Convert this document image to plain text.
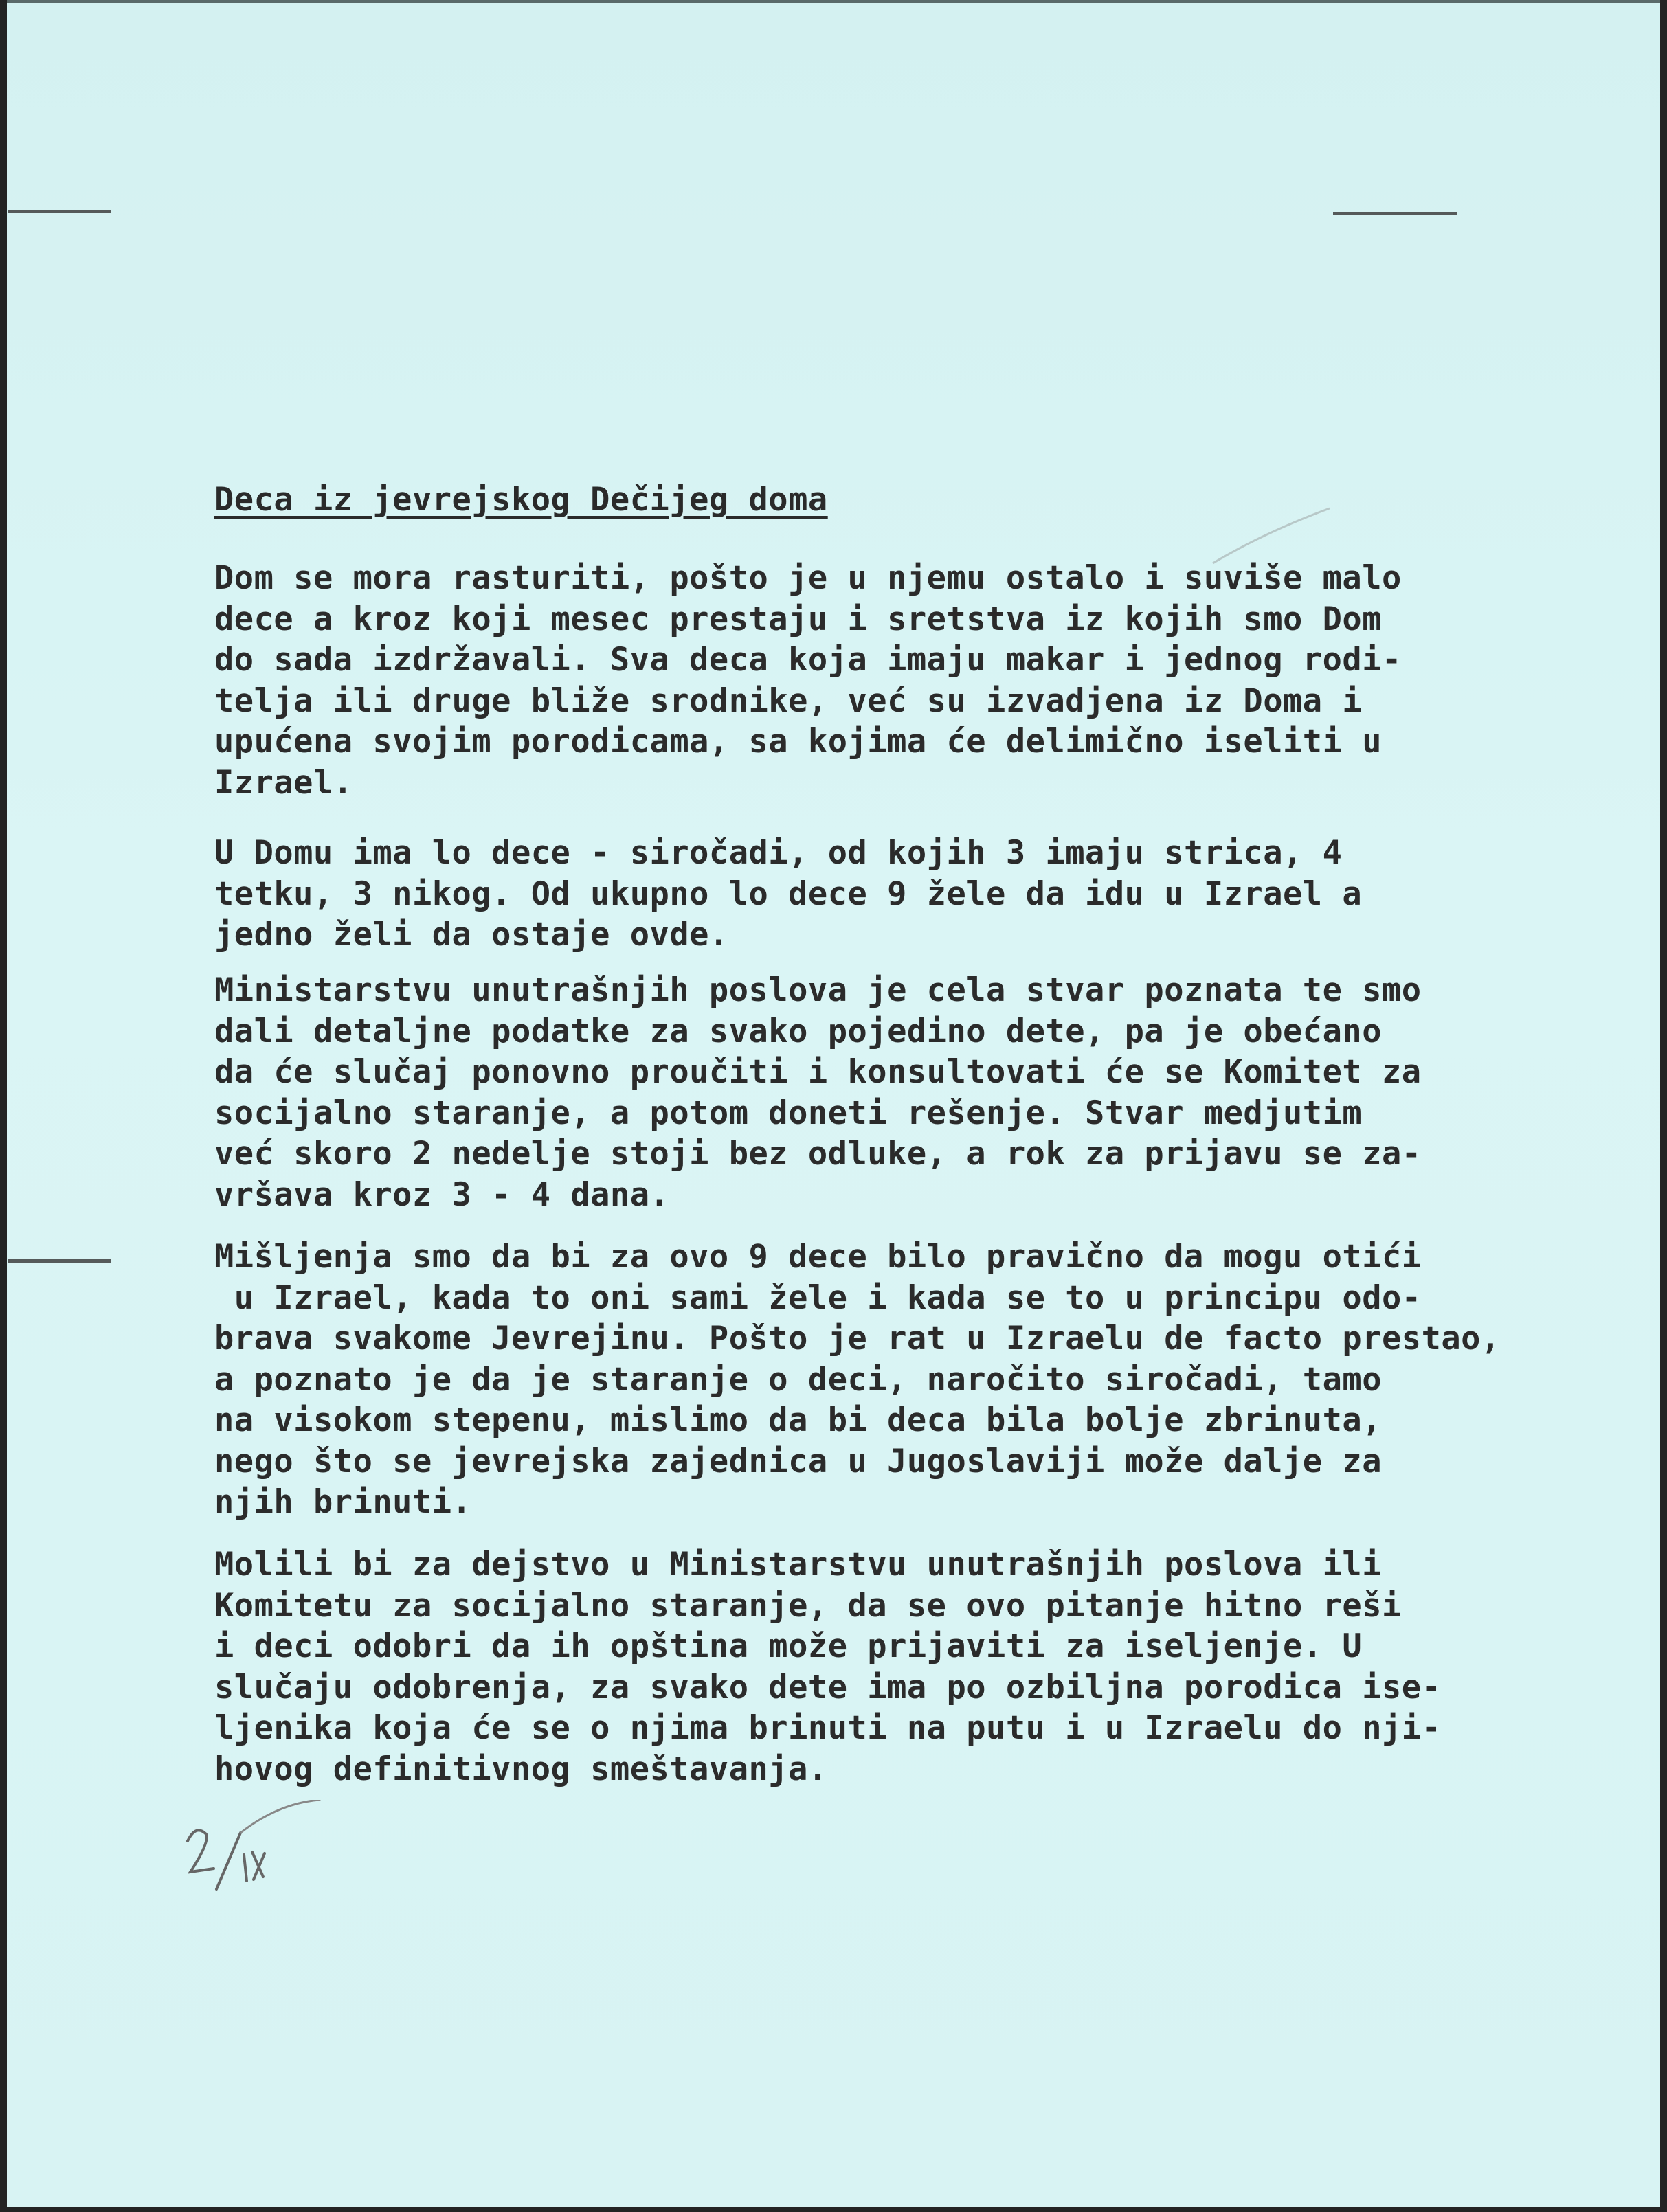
Deca iz jevrejskog Dečijeg doma

Dom se mora rasturiti, pošto je u njemu ostalo i suviše malo
dece a kroz koji mesec prestaju i sretstva iz kojih smo Dom
do sada izdržavali. Sva deca koja imaju makar i jednog rodi-
telja ili druge bliže srodnike, već su izvadjena iz Doma i
upućena svojim porodicama, sa kojima će delimično iseliti u
Izrael.

U Domu ima lo dece - siročadi, od kojih 3 imaju strica, 4
tetku, 3 nikog. Od ukupno lo dece 9 žele da idu u Izrael a
jedno želi da ostaje ovde.

Ministarstvu unutrašnjih poslova je cela stvar poznata te smo
dali detaljne podatke za svako pojedino dete, pa je obećano
da će slučaj ponovno proučiti i konsultovati će se Komitet za
socijalno staranje, a potom doneti rešenje. Stvar medjutim
već skoro 2 nedelje stoji bez odluke, a rok za prijavu se za-
vršava kroz 3 - 4 dana.

Mišljenja smo da bi za ovo 9 dece bilo pravično da mogu otići
u Izrael, kada to oni sami žele i kada se to u principu odo-
brava svakome Jevrejinu. Pošto je rat u Izraelu de facto prestao,
a poznato je da je staranje o deci, naročito siročadi, tamo
na visokom stepenu, mislimo da bi deca bila bolje zbrinuta,
nego što se jevrejska zajednica u Jugoslaviji može dalje za
njih brinuti.

Molili bi za dejstvo u Ministarstvu unutrašnjih poslova ili
Komitetu za socijalno staranje, da se ovo pitanje hitno reši
i deci odobri da ih opština može prijaviti za iseljenje. U
slučaju odobrenja, za svako dete ima po ozbiljna porodica ise-
ljenika koja će se o njima brinuti na putu i u Izraelu do nji-
hovog definitivnog smeštavanja.
